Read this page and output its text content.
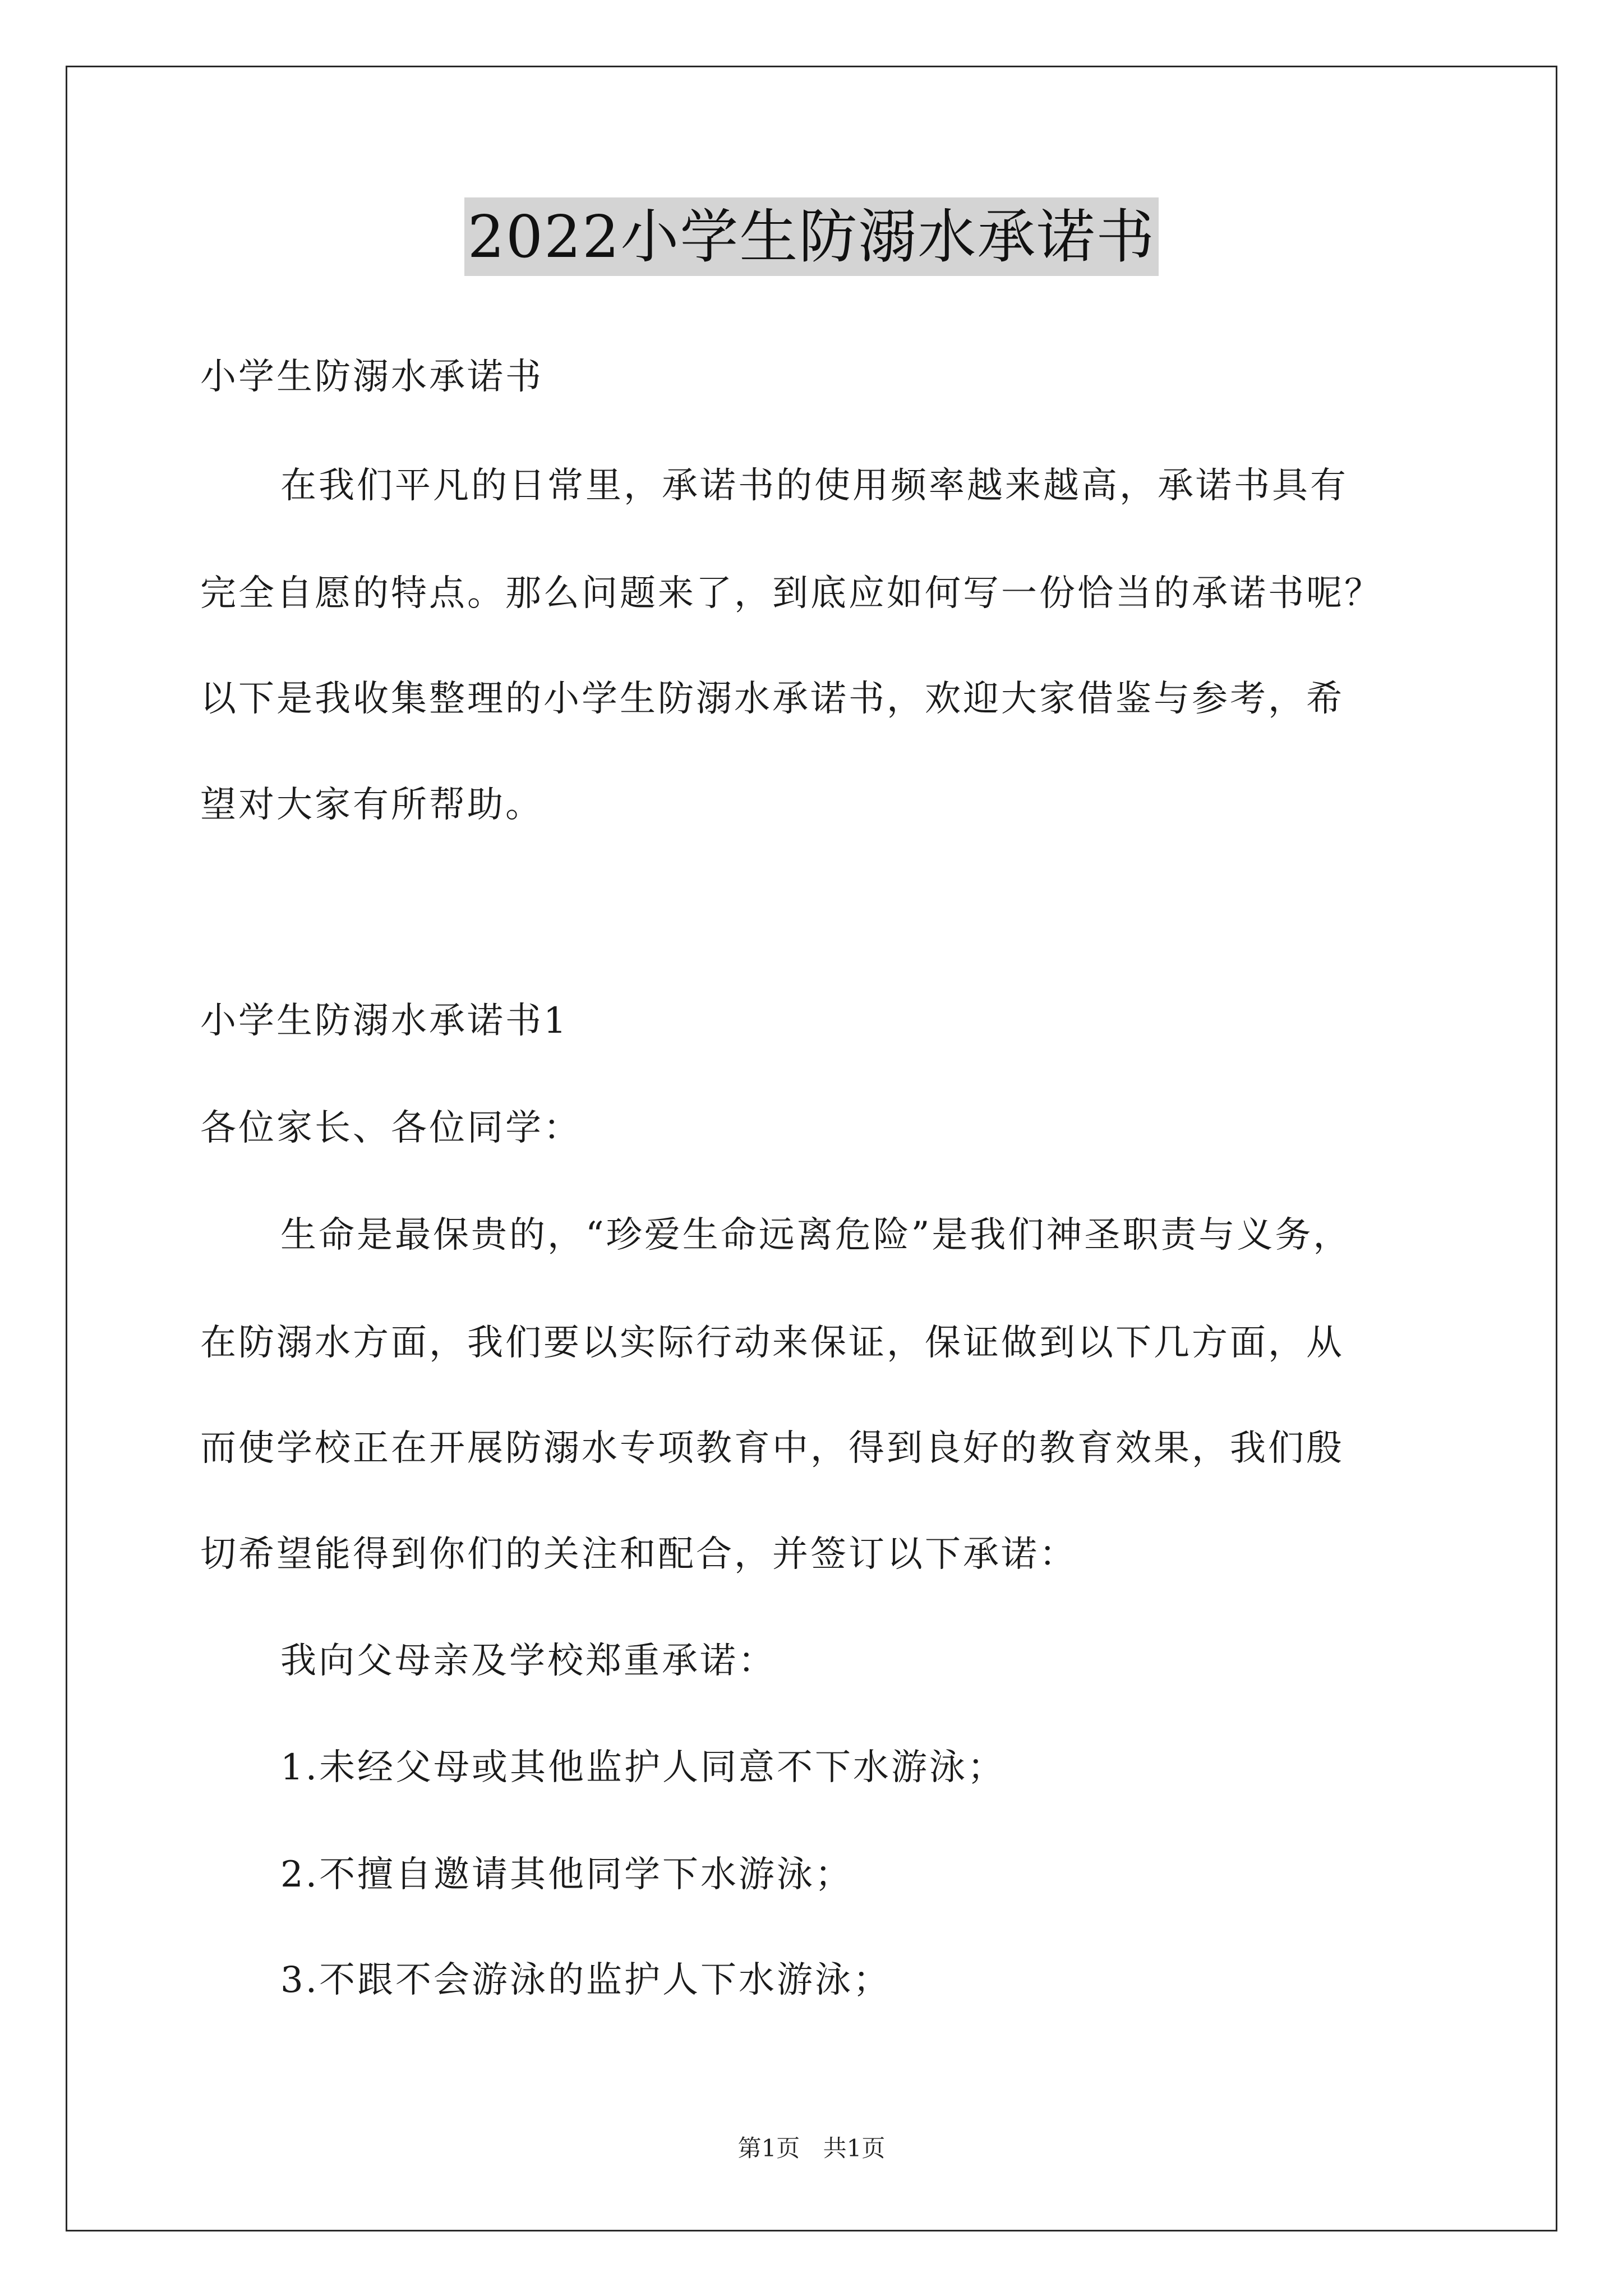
2022小学生防溺水承诺书
小学生防溺水承诺书
在我们平凡的日常里，承诺书的使用频率越来越高，承诺书具有
完全自愿的特点。那么问题来了，到底应如何写一份恰当的承诺书呢？
以下是我收集整理的小学生防溺水承诺书，欢迎大家借鉴与参考，希
望对大家有所帮助。
小学生防溺水承诺书1
各位家长、各位同学：
生命是最保贵的，“珍爱生命远离危险”是我们神圣职责与义务，
在防溺水方面，我们要以实际行动来保证，保证做到以下几方面，从
而使学校正在开展防溺水专项教育中，得到良好的教育效果，我们殷
切希望能得到你们的关注和配合，并签订以下承诺：
我向父母亲及学校郑重承诺：
1.未经父母或其他监护人同意不下水游泳；
2.不擅自邀请其他同学下水游泳；
3.不跟不会游泳的监护人下水游泳；
第1页 共1页
